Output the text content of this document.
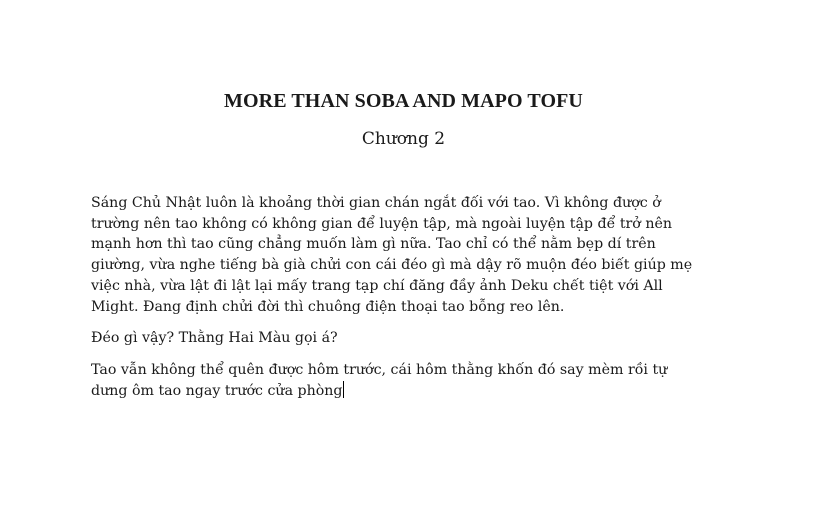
MORE THAN SOBA AND MAPO TOFU
Chương 2

Sáng Chủ Nhật luôn là khoảng thời gian chán ngắt đối với tao. Vì không được ở
trường nên tao không có không gian để luyện tập, mà ngoài luyện tập để trở nên
mạnh hơn thì tao cũng chẳng muốn làm gì nữa. Tao chỉ có thể nằm bẹp dí trên
giường, vừa nghe tiếng bà già chửi con cái đéo gì mà dậy rõ muộn đéo biết giúp mẹ
việc nhà, vừa lật đi lật lại mấy trang tạp chí đăng đầy ảnh Deku chết tiệt với All
Might. Đang định chửi đời thì chuông điện thoại tao bỗng reo lên.

Đéo gì vậy? Thằng Hai Màu gọi á?

Tao vẫn không thể quên được hôm trước, cái hôm thằng khốn đó say mèm rồi tự
dưng ôm tao ngay trước cửa phòng
